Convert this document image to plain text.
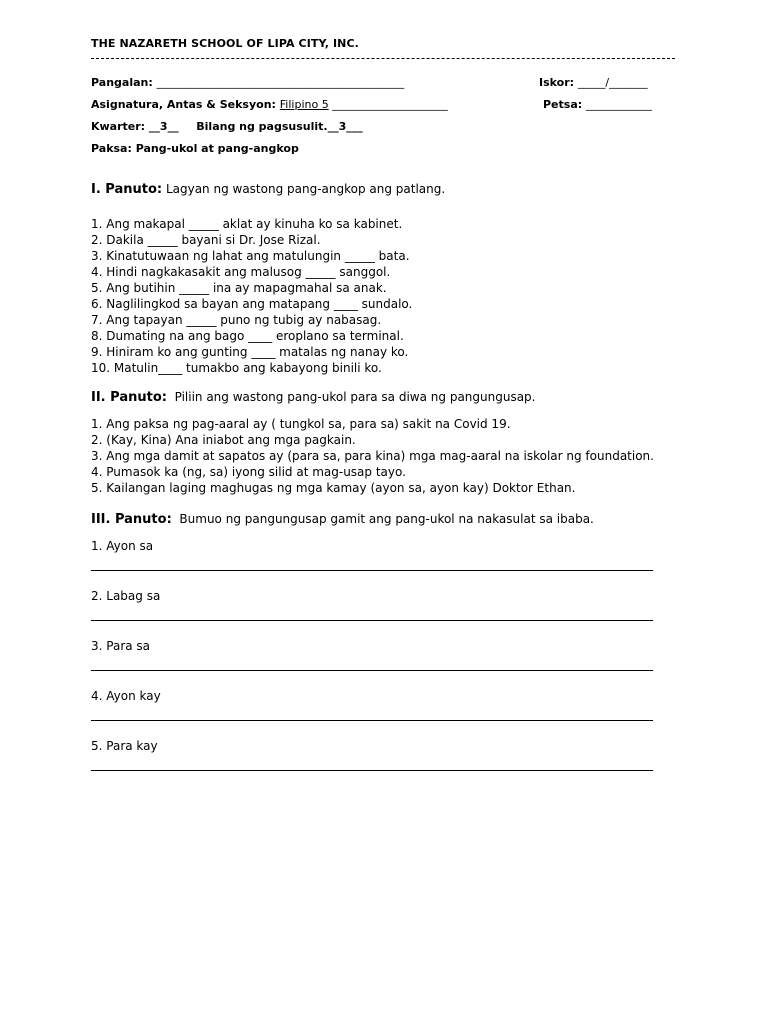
THE NAZARETH SCHOOL OF LIPA CITY, INC.
Pangalan: _____________________________________________	Iskor: _____/_______
Asignatura, Antas & Seksyon: Filipino 5 _____________________	Petsa: ____________
Kwarter: __3__ Bilang ng pagsusulit.__3___
Paksa: Pang-ukol at pang-angkop
I. Panuto: Lagyan ng wastong pang-angkop ang patlang.
1. Ang makapal _____ aklat ay kinuha ko sa kabinet.
2. Dakila _____ bayani si Dr. Jose Rizal.
3. Kinatutuwaan ng lahat ang matulungin _____ bata.
4. Hindi nagkakasakit ang malusog _____ sanggol.
5. Ang butihin _____ ina ay mapagmahal sa anak.
6. Naglilingkod sa bayan ang matapang ____ sundalo.
7. Ang tapayan _____ puno ng tubig ay nabasag.
8. Dumating na ang bago ____ eroplano sa terminal.
9. Hiniram ko ang gunting ____ matalas ng nanay ko.
10. Matulin____ tumakbo ang kabayong binili ko.
II. Panuto: Piliin ang wastong pang-ukol para sa diwa ng pangungusap.
1. Ang paksa ng pag-aaral ay ( tungkol sa, para sa) sakit na Covid 19.
2. (Kay, Kina) Ana iniabot ang mga pagkain.
3. Ang mga damit at sapatos ay (para sa, para kina) mga mag-aaral na iskolar ng foundation.
4. Pumasok ka (ng, sa) iyong silid at mag-usap tayo.
5. Kailangan laging maghugas ng mga kamay (ayon sa, ayon kay) Doktor Ethan.
III. Panuto: Bumuo ng pangungusap gamit ang pang-ukol na nakasulat sa ibaba.
1. Ayon sa
2. Labag sa
3. Para sa
4. Ayon kay
5. Para kay
